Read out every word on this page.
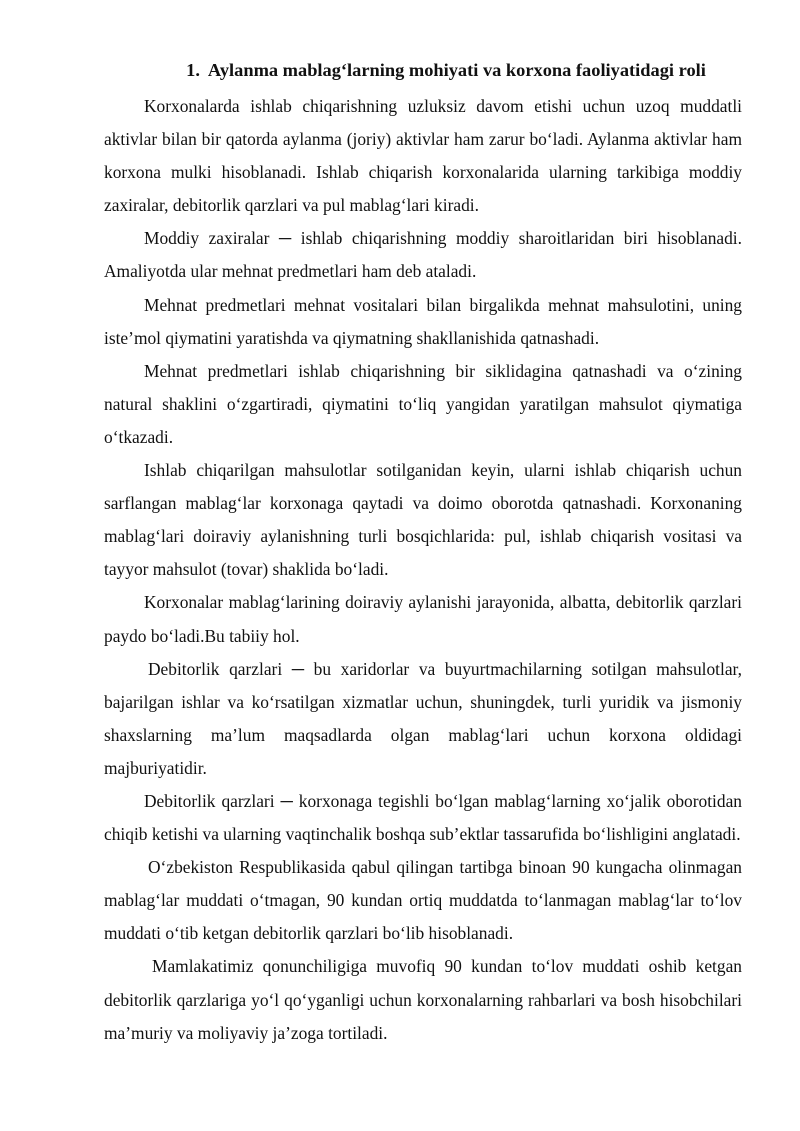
1. Aylanma mablag‘larning mohiyati va korxona faoliyatidagi roli

Korxonalarda ishlab chiqarishning uzluksiz davom etishi uchun uzoq muddatli aktivlar bilan bir qatorda aylanma (joriy) aktivlar ham zarur bo‘ladi. Aylanma aktivlar ham korxona mulki hisoblanadi. Ishlab chiqarish korxonalarida ularning tarkibiga moddiy zaxiralar, debitorlik qarzlari va pul mablag‘lari kiradi.

Moddiy zaxiralar ─ ishlab chiqarishning moddiy sharoitlaridan biri hisoblanadi. Amaliyotda ular mehnat predmetlari ham deb ataladi.

Mehnat predmetlari mehnat vositalari bilan birgalikda mehnat mahsulotini, uning iste’mol qiymatini yaratishda va qiymatning shakllanishida qatnashadi.

Mehnat predmetlari ishlab chiqarishning bir siklidagina qatnashadi va o‘zining natural shaklini o‘zgartiradi, qiymatini to‘liq yangidan yaratilgan mahsulot qiymatiga o‘tkazadi.

Ishlab chiqarilgan mahsulotlar sotilganidan keyin, ularni ishlab chiqarish uchun sarflangan mablag‘lar korxonaga qaytadi va doimo oborotda qatnashadi. Korxonaning mablag‘lari doiraviy aylanishning turli bosqichlarida: pul, ishlab chiqarish vositasi va tayyor mahsulot (tovar) shaklida bo‘ladi.

Korxonalar mablag‘larining doiraviy aylanishi jarayonida, albatta, debitorlik qarzlari paydo bo‘ladi.Bu tabiiy hol.

Debitorlik qarzlari ─ bu xaridorlar va buyurtmachilarning sotilgan mahsulotlar, bajarilgan ishlar va ko‘rsatilgan xizmatlar uchun, shuningdek, turli yuridik va jismoniy shaxslarning ma’lum maqsadlarda olgan mablag‘lari uchun korxona oldidagi majburiyatidir.

Debitorlik qarzlari ─ korxonaga tegishli bo‘lgan mablag‘larning xo‘jalik oborotidan chiqib ketishi va ularning vaqtinchalik boshqa sub’ektlar tassarufida bo‘lishligini anglatadi.

O‘zbekiston Respublikasida qabul qilingan tartibga binoan 90 kungacha olinmagan mablag‘lar muddati o‘tmagan, 90 kundan ortiq muddatda to‘lanmagan mablag‘lar to‘lov muddati o‘tib ketgan debitorlik qarzlari bo‘lib hisoblanadi.

Mamlakatimiz qonunchiligiga muvofiq 90 kundan to‘lov muddati oshib ketgan debitorlik qarzlariga yo‘l qo‘yganligi uchun korxonalarning rahbarlari va bosh hisobchilari ma’muriy va moliyaviy ja’zoga tortiladi.
